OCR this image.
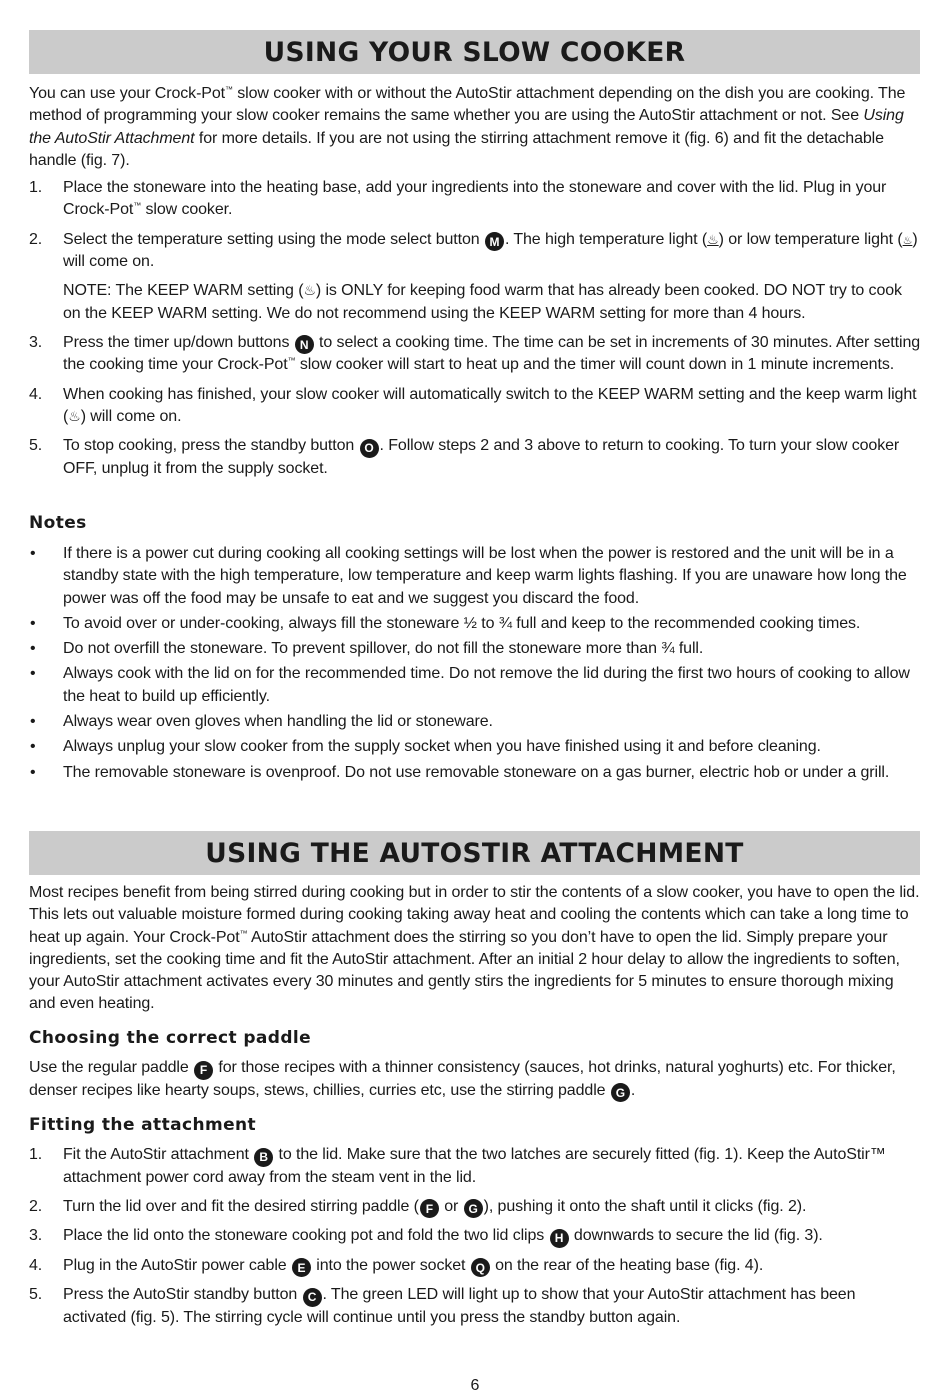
USING YOUR SLOW COOKER

You can use your Crock-Pot™ slow cooker with or without the AutoStir attachment depending on the dish you are cooking. The method of programming your slow cooker remains the same whether you are using the AutoStir attachment or not. See Using the AutoStir Attachment for more details. If you are not using the stirring attachment remove it (fig. 6) and fit the detachable handle (fig. 7).

1. Place the stoneware into the heating base, add your ingredients into the stoneware and cover with the lid. Plug in your Crock-Pot™ slow cooker.
2. Select the temperature setting using the mode select button M . The high temperature light (♨) or low temperature light (♨) will come on.
NOTE: The KEEP WARM setting (♨) is ONLY for keeping food warm that has already been cooked. DO NOT try to cook on the KEEP WARM setting. We do not recommend using the KEEP WARM setting for more than 4 hours.
3. Press the timer up/down buttons N to select a cooking time. The time can be set in increments of 30 minutes. After setting the cooking time your Crock-Pot™ slow cooker will start to heat up and the timer will count down in 1 minute increments.
4. When cooking has finished, your slow cooker will automatically switch to the KEEP WARM setting and the keep warm light (♨) will come on.
5. To stop cooking, press the standby button O . Follow steps 2 and 3 above to return to cooking. To turn your slow cooker OFF, unplug it from the supply socket.
Notes
• If there is a power cut during cooking all cooking settings will be lost when the power is restored and the unit will be in a standby state with the high temperature, low temperature and keep warm lights flashing. If you are unaware how long the power was off the food may be unsafe to eat and we suggest you discard the food.
• To avoid over or under-cooking, always fill the stoneware ½ to ¾ full and keep to the recommended cooking times.
• Do not overfill the stoneware. To prevent spillover, do not fill the stoneware more than ¾ full.
• Always cook with the lid on for the recommended time. Do not remove the lid during the first two hours of cooking to allow the heat to build up efficiently.
• Always wear oven gloves when handling the lid or stoneware.
• Always unplug your slow cooker from the supply socket when you have finished using it and before cleaning.
• The removable stoneware is ovenproof. Do not use removable stoneware on a gas burner, electric hob or under a grill.
USING THE AUTOSTIR ATTACHMENT

Most recipes benefit from being stirred during cooking but in order to stir the contents of a slow cooker, you have to open the lid. This lets out valuable moisture formed during cooking taking away heat and cooling the contents which can take a long time to heat up again. Your Crock-Pot™ AutoStir attachment does the stirring so you don’t have to open the lid. Simply prepare your ingredients, set the cooking time and fit the AutoStir attachment. After an initial 2 hour delay to allow the ingredients to soften, your AutoStir attachment activates every 30 minutes and gently stirs the ingredients for 5 minutes to ensure thorough mixing and even heating.

Choosing the correct paddle

Use the regular paddle F for those recipes with a thinner consistency (sauces, hot drinks, natural yoghurts) etc. For thicker, denser recipes like hearty soups, stews, chillies, curries etc, use the stirring paddle G .

Fitting the attachment
1. Fit the AutoStir attachment B to the lid. Make sure that the two latches are securely fitted (fig. 1). Keep the AutoStir™ attachment power cord away from the steam vent in the lid.
2. Turn the lid over and fit the desired stirring paddle ( F or G ), pushing it onto the shaft until it clicks (fig. 2).
3. Place the lid onto the stoneware cooking pot and fold the two lid clips H downwards to secure the lid (fig. 3).
4. Plug in the AutoStir power cable E into the power socket Q on the rear of the heating base (fig. 4).
5. Press the AutoStir standby button C . The green LED will light up to show that your AutoStir attachment has been activated (fig. 5). The stirring cycle will continue until you press the standby button again.
6
